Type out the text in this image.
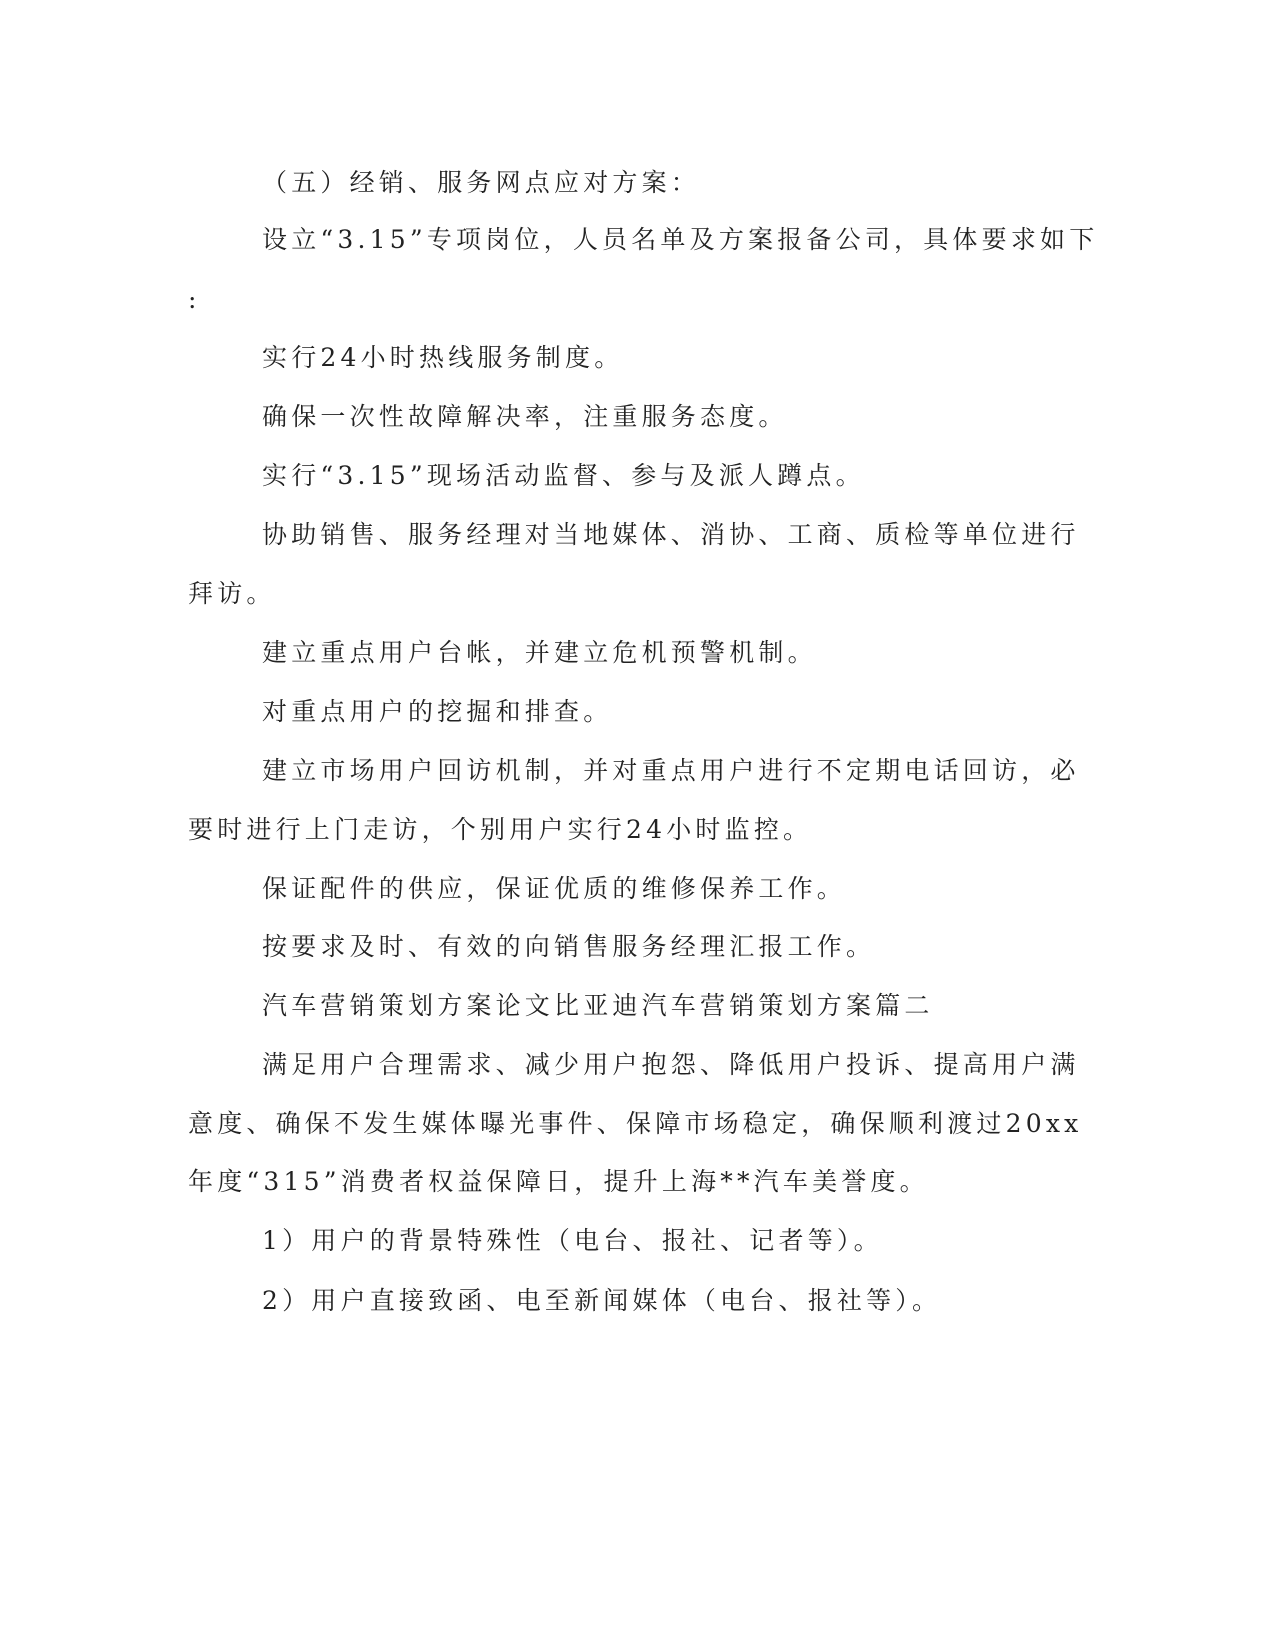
（五）经销、服务网点应对方案：
设立“3.15”专项岗位，人员名单及方案报备公司，具体要求如下
:
实行24小时热线服务制度。
确保一次性故障解决率，注重服务态度。
实行“3.15”现场活动监督、参与及派人蹲点。
协助销售、服务经理对当地媒体、消协、工商、质检等单位进行
拜访。
建立重点用户台帐，并建立危机预警机制。
对重点用户的挖掘和排查。
建立市场用户回访机制，并对重点用户进行不定期电话回访，必
要时进行上门走访，个别用户实行24小时监控。
保证配件的供应，保证优质的维修保养工作。
按要求及时、有效的向销售服务经理汇报工作。
汽车营销策划方案论文比亚迪汽车营销策划方案篇二
满足用户合理需求、减少用户抱怨、降低用户投诉、提高用户满
意度、确保不发生媒体曝光事件、保障市场稳定，确保顺利渡过20xx
年度“315”消费者权益保障日，提升上海**汽车美誉度。
1）用户的背景特殊性（电台、报社、记者等）。
2）用户直接致函、电至新闻媒体（电台、报社等）。
